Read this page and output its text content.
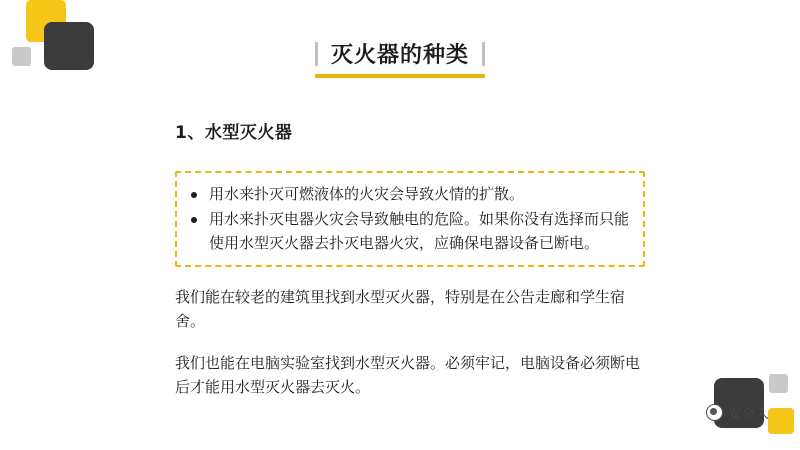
安全人
灭火器的种类
1、水型灭火器
用水来扑灭可燃液体的火灾会导致火情的扩散。
用水来扑灭电器火灾会导致触电的危险。如果你没有选择而只能使用水型灭火器去扑灭电器火灾，应确保电器设备已断电。
我们能在较老的建筑里找到水型灭火器，特别是在公告走廊和学生宿舍。
我们也能在电脑实验室找到水型灭火器。必须牢记，电脑设备必须断电后才能用水型灭火器去灭火。
